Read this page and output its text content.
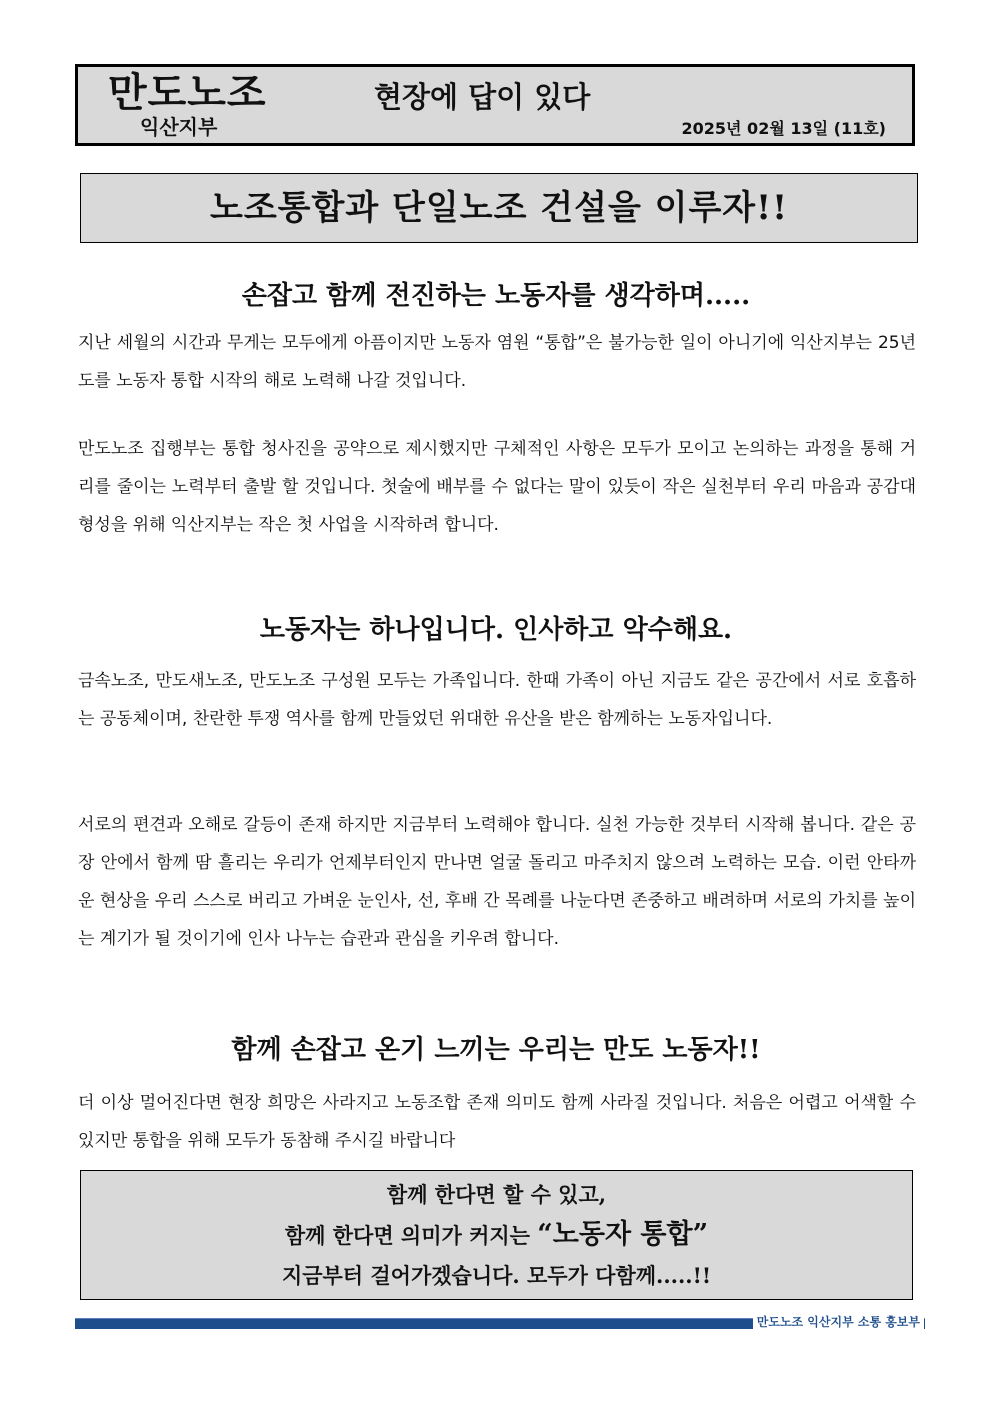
만도노조
익산지부
현장에 답이 있다
2025년 02월 13일 (11호)
노조통합과 단일노조 건설을 이루자!!
손잡고 함께 전진하는 노동자를 생각하며.....

지난 세월의 시간과 무게는 모두에게 아픔이지만 노동자 염원 “통합”은 불가능한 일이 아니기에 익산지부는 25년도를 노동자 통합 시작의 해로 노력해 나갈 것입니다.

만도노조 집행부는 통합 청사진을 공약으로 제시했지만 구체적인 사항은 모두가 모이고 논의하는 과정을 통해 거리를 줄이는 노력부터 출발 할 것입니다. 첫술에 배부를 수 없다는 말이 있듯이 작은 실천부터 우리 마음과 공감대 형성을 위해 익산지부는 작은 첫 사업을 시작하려 합니다.

노동자는 하나입니다. 인사하고 악수해요.

금속노조, 만도새노조, 만도노조 구성원 모두는 가족입니다. 한때 가족이 아닌 지금도 같은 공간에서 서로 호흡하는 공동체이며, 찬란한 투쟁 역사를 함께 만들었던 위대한 유산을 받은 함께하는 노동자입니다.

서로의 편견과 오해로 갈등이 존재 하지만 지금부터 노력해야 합니다. 실천 가능한 것부터 시작해 봅니다. 같은 공장 안에서 함께 땀 흘리는 우리가 언제부터인지 만나면 얼굴 돌리고 마주치지 않으려 노력하는 모습. 이런 안타까운 현상을 우리 스스로 버리고 가벼운 눈인사, 선, 후배 간 목례를 나눈다면 존중하고 배려하며 서로의 가치를 높이는 계기가 될 것이기에 인사 나누는 습관과 관심을 키우려 합니다.

함께 손잡고 온기 느끼는 우리는 만도 노동자!!

더 이상 멀어진다면 현장 희망은 사라지고 노동조합 존재 의미도 함께 사라질 것입니다. 처음은 어렵고 어색할 수 있지만 통합을 위해 모두가 동참해 주시길 바랍니다

함께 한다면 할 수 있고,
함께 한다면 의미가 커지는 “노동자 통합”
지금부터 걸어가겠습니다. 모두가 다함께.....!!
만도노조 익산지부 소통 홍보부
